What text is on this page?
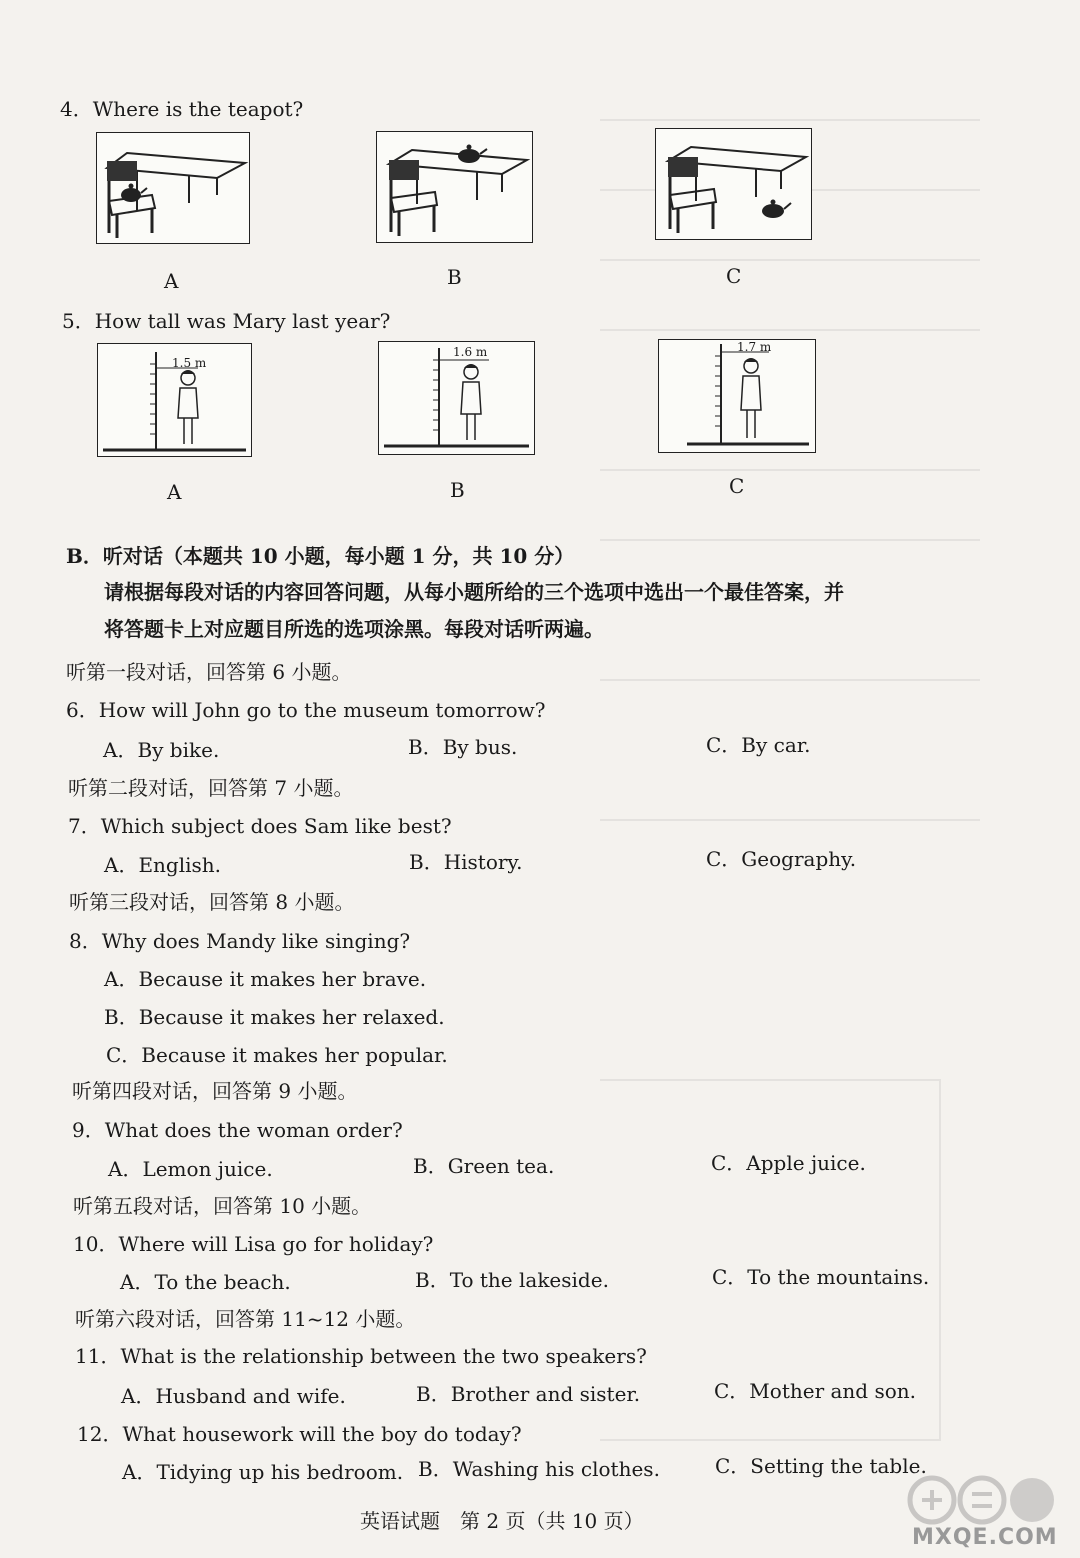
4．Where is the teapot?
A	B	C
5．How tall was Mary last year?
1.5 m
A
1.6 m
B
1.7 m
C
B．听对话（本题共 10 小题，每小题 1 分，共 10 分）
请根据每段对话的内容回答问题，从每小题所给的三个选项中选出一个最佳答案，并
将答题卡上对应题目所选的选项涂黑。每段对话听两遍。
听第一段对话，回答第 6 小题。
6．How will John go to the museum tomorrow?
A．By bike.	B．By bus.	C．By car.
听第二段对话，回答第 7 小题。
7．Which subject does Sam like best?
A．English.	B．History.	C．Geography.
听第三段对话，回答第 8 小题。
8．Why does Mandy like singing?
A．Because it makes her brave.
B．Because it makes her relaxed.
C．Because it makes her popular.
听第四段对话，回答第 9 小题。
9．What does the woman order?
A．Lemon juice.	B．Green tea.	C．Apple juice.
听第五段对话，回答第 10 小题。
10．Where will Lisa go for holiday?
A．To the beach.	B．To the lakeside.	C．To the mountains.
听第六段对话，回答第 11~12 小题。
11．What is the relationship between the two speakers?
A．Husband and wife.	B．Brother and sister.	C．Mother and son.
12．What housework will the boy do today?
A．Tidying up his bedroom. B．Washing his clothes.	C．Setting the table.
英语试题　第 2 页（共 10 页）
MXQE.COM
